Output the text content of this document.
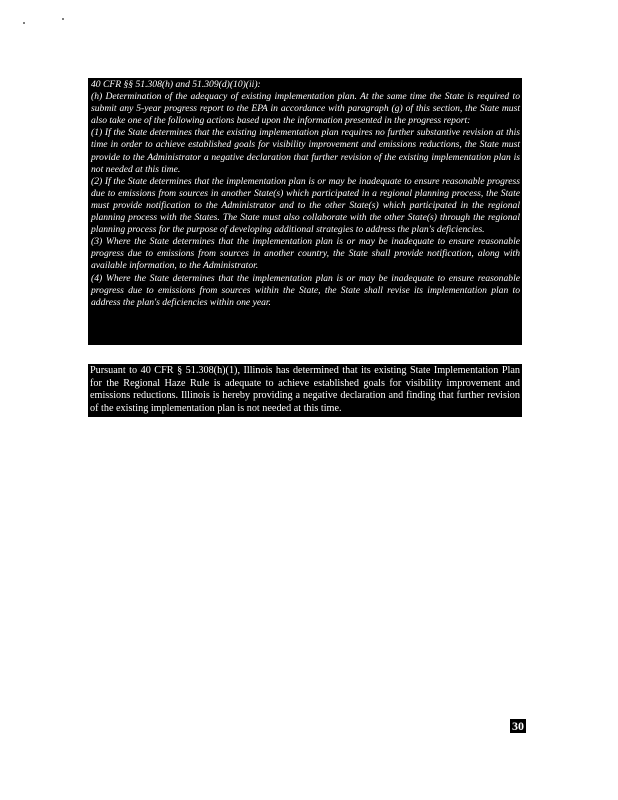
40 CFR §§ 51.308(h) and 51.309(d)(10)(ii):

(h) Determination of the adequacy of existing implementation plan. At the same time the State is required to submit any 5-year progress report to the EPA in accordance with paragraph (g) of this section, the State must also take one of the following actions based upon the information presented in the progress report:

(1) If the State determines that the existing implementation plan requires no further substantive revision at this time in order to achieve established goals for visibility improvement and emissions reductions, the State must provide to the Administrator a negative declaration that further revision of the existing implementation plan is not needed at this time.

(2) If the State determines that the implementation plan is or may be inadequate to ensure reasonable progress due to emissions from sources in another State(s) which participated in a regional planning process, the State must provide notification to the Administrator and to the other State(s) which participated in the regional planning process with the States. The State must also collaborate with the other State(s) through the regional planning process for the purpose of developing additional strategies to address the plan's deficiencies.

(3) Where the State determines that the implementation plan is or may be inadequate to ensure reasonable progress due to emissions from sources in another country, the State shall provide notification, along with available information, to the Administrator.

(4) Where the State determines that the implementation plan is or may be inadequate to ensure reasonable progress due to emissions from sources within the State, the State shall revise its implementation plan to address the plan's deficiencies within one year.

Pursuant to 40 CFR § 51.308(h)(1), Illinois has determined that its existing State Implementation Plan for the Regional Haze Rule is adequate to achieve established goals for visibility improvement and emissions reductions. Illinois is hereby providing a negative declaration and finding that further revision of the existing implementation plan is not needed at this time.

30
